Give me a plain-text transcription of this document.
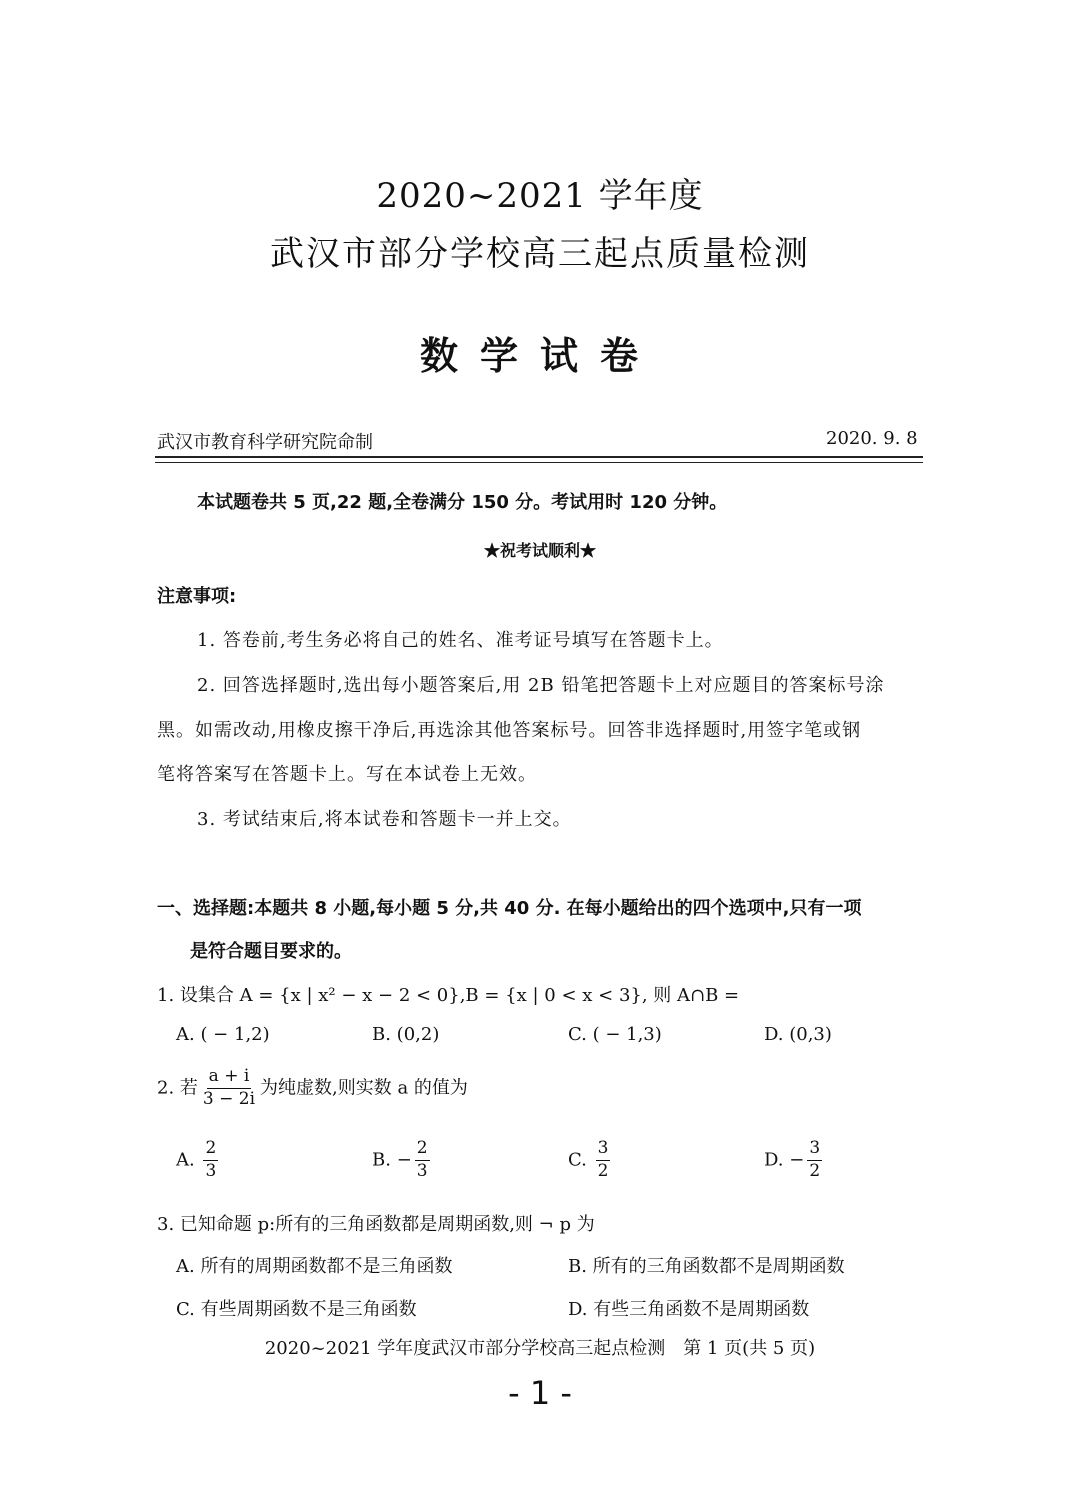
2020~2021 学年度
武汉市部分学校高三起点质量检测
数学试卷
武汉市教育科学研究院命制	2020. 9. 8
本试题卷共 5 页,22 题,全卷满分 150 分。考试用时 120 分钟。
★祝考试顺利★
注意事项:
1. 答卷前,考生务必将自己的姓名、准考证号填写在答题卡上。
2. 回答选择题时,选出每小题答案后,用 2B 铅笔把答题卡上对应题目的答案标号涂
黑。如需改动,用橡皮擦干净后,再选涂其他答案标号。回答非选择题时,用签字笔或钢
笔将答案写在答题卡上。写在本试卷上无效。
3. 考试结束后,将本试卷和答题卡一并上交。
一、选择题:本题共 8 小题,每小题 5 分,共 40 分. 在每小题给出的四个选项中,只有一项
是符合题目要求的。
1. 设集合 A = {x | x² − x − 2 < 0},B = {x | 0 < x < 3}, 则 A∩B =
A. ( − 1,2)	B. (0,2)	C. ( − 1,3)	D. (0,3)
2. 若 $\frac{a + i}{3 - 2i}$ 为纯虚数,则实数 a 的值为
A. $\frac{2}{3}$	B. − $\frac{2}{3}$	C. $\frac{3}{2}$	D. − $\frac{3}{2}$
3. 已知命题 p:所有的三角函数都是周期函数,则 ¬ p 为
A. 所有的周期函数都不是三角函数	B. 所有的三角函数都不是周期函数
C. 有些周期函数不是三角函数	D. 有些三角函数不是周期函数
2020~2021 学年度武汉市部分学校高三起点检测　第 1 页(共 5 页)
- 1 -
